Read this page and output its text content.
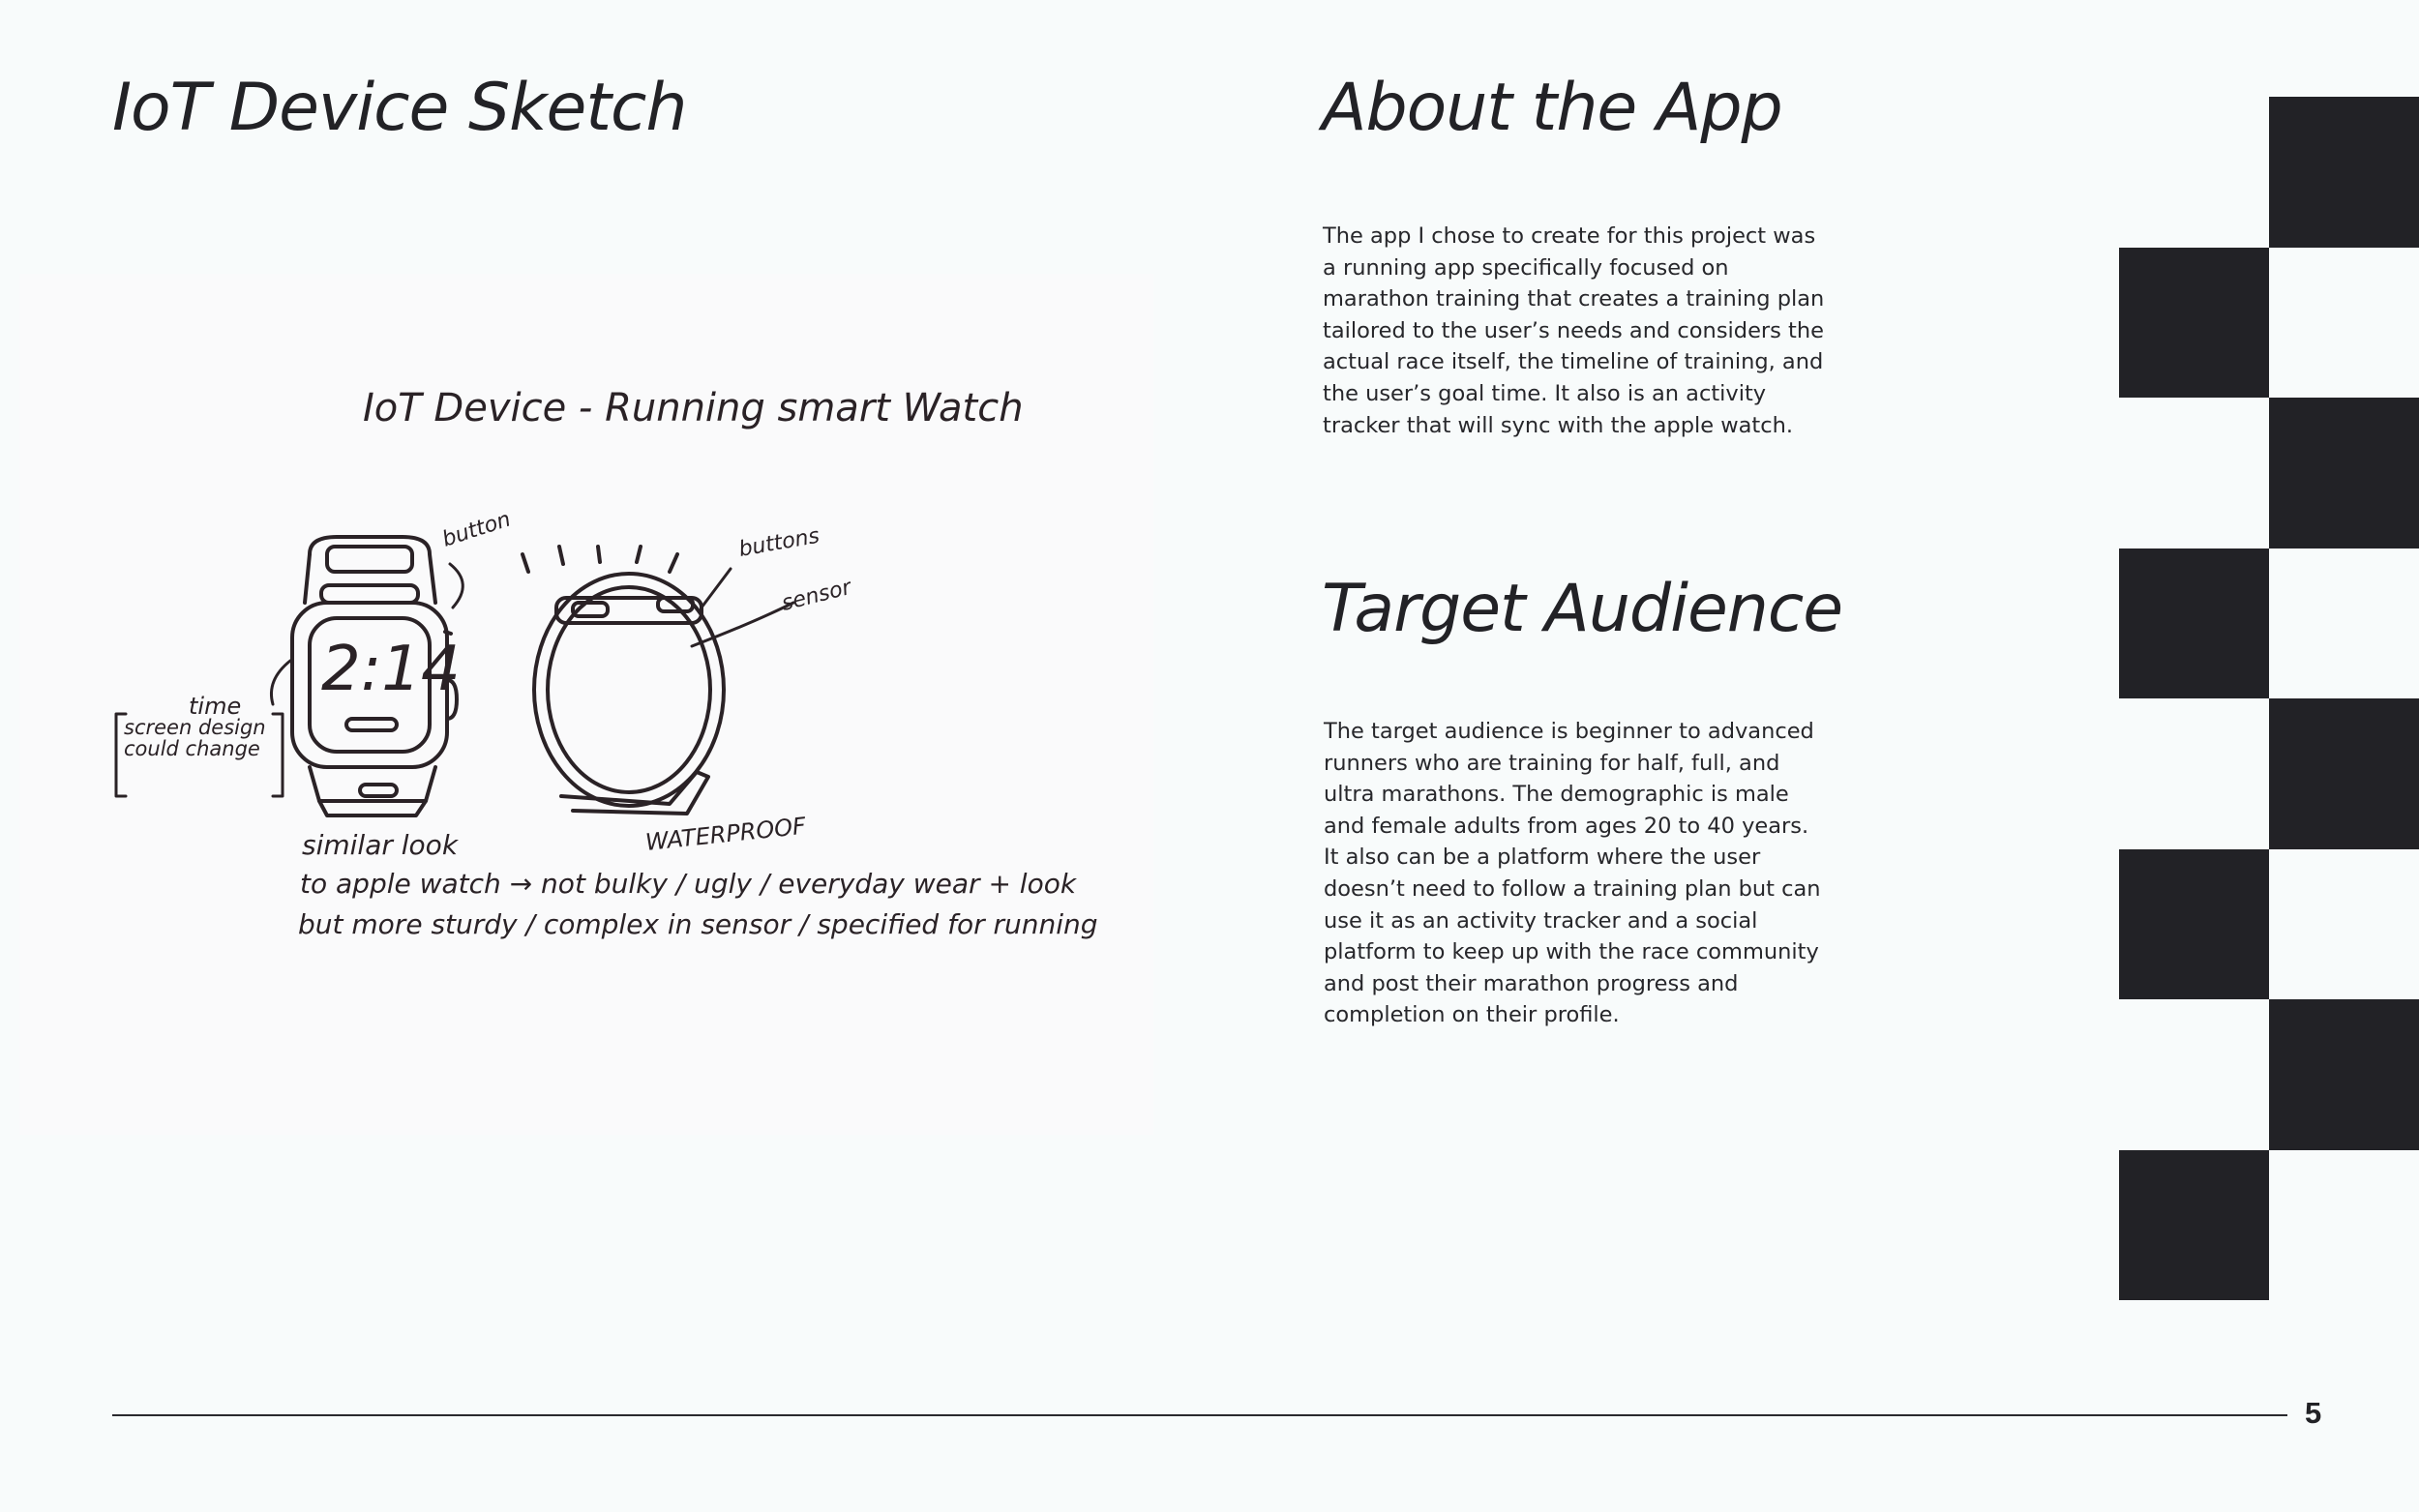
IoT Device Sketch
IoT Device - Running smart Watch
2:14
button	buttons
sensor
time
screen design could change
WATERPROOF
similar look
to apple watch → not bulky / ugly / everyday wear + look
but more sturdy / complex in sensor / specified for running
About the App

The app I chose to create for this project was a running app specifically focused on marathon training that creates a training plan tailored to the user’s needs and considers the actual race itself, the timeline of training, and the user’s goal time. It also is an activity tracker that will sync with the apple watch.

Target Audience

The target audience is beginner to advanced runners who are training for half, full, and ultra marathons. The demographic is male and female adults from ages 20 to 40 years. It also can be a platform where the user doesn’t need to follow a training plan but can use it as an activity tracker and a social platform to keep up with the race community and post their marathon progress and completion on their profile.

5
